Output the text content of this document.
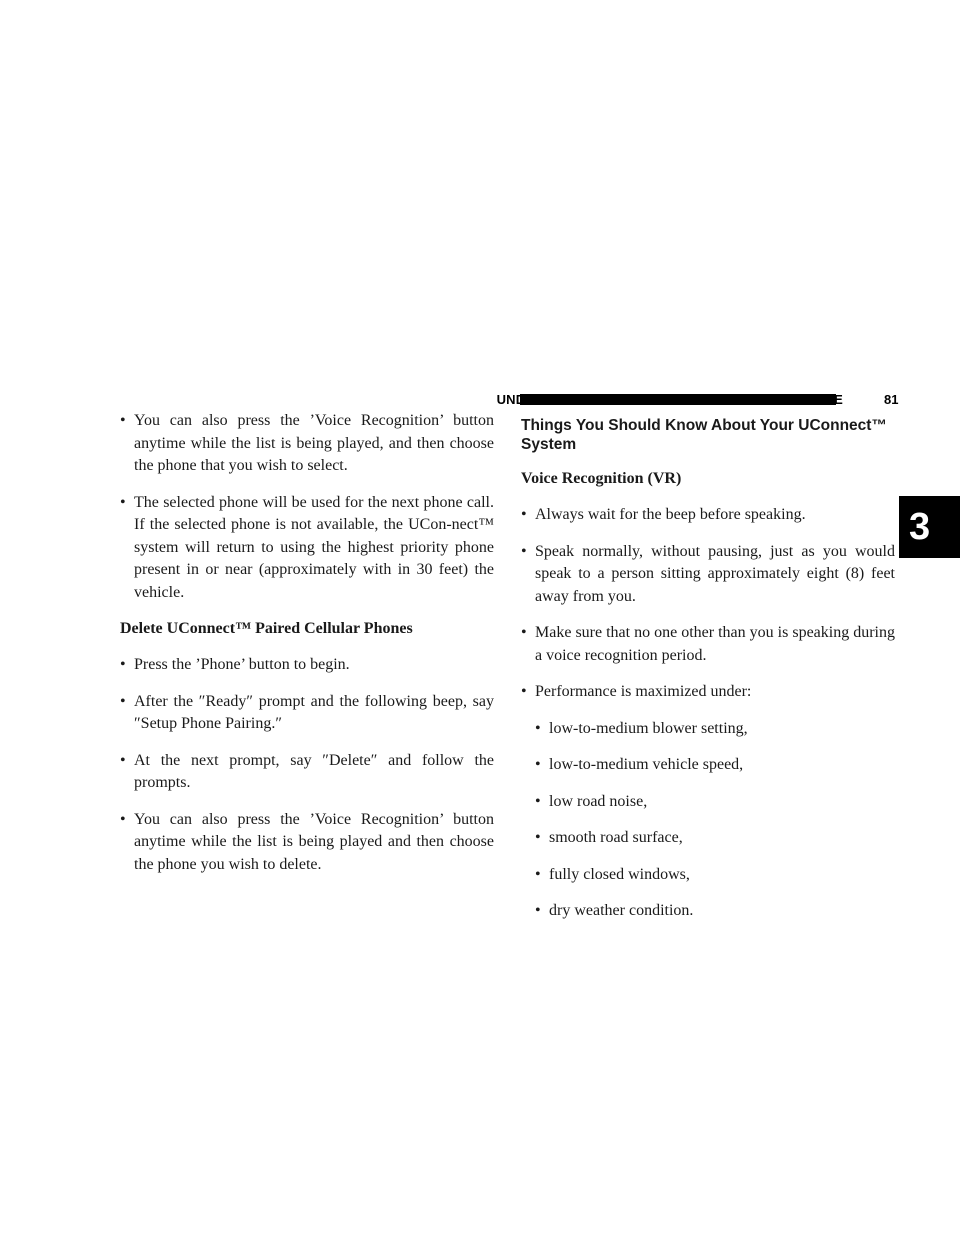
UNDERSTANDING THE FEATURES OF YOUR VEHICLE	81
3
• You can also press the ’Voice Recognition’ button anytime while the list is being played, and then choose the phone that you wish to select.
• The selected phone will be used for the next phone call. If the selected phone is not available, the UCon-nect™ system will return to using the highest priority phone present in or near (approximately with in 30 feet) the vehicle.
Delete UConnect™ Paired Cellular Phones
• Press the ’Phone’ button to begin.
• After the ″Ready″ prompt and the following beep, say ″Setup Phone Pairing.″
• At the next prompt, say ″Delete″ and follow the prompts.
• You can also press the ’Voice Recognition’ button anytime while the list is being played and then choose the phone you wish to delete.
Things You Should Know About Your UConnect™ System
Voice Recognition (VR)
• Always wait for the beep before speaking.
• Speak normally, without pausing, just as you would speak to a person sitting approximately eight (8) feet away from you.
• Make sure that no one other than you is speaking during a voice recognition period.
• Performance is maximized under:
• low-to-medium blower setting,
• low-to-medium vehicle speed,
• low road noise,
• smooth road surface,
• fully closed windows,
• dry weather condition.
